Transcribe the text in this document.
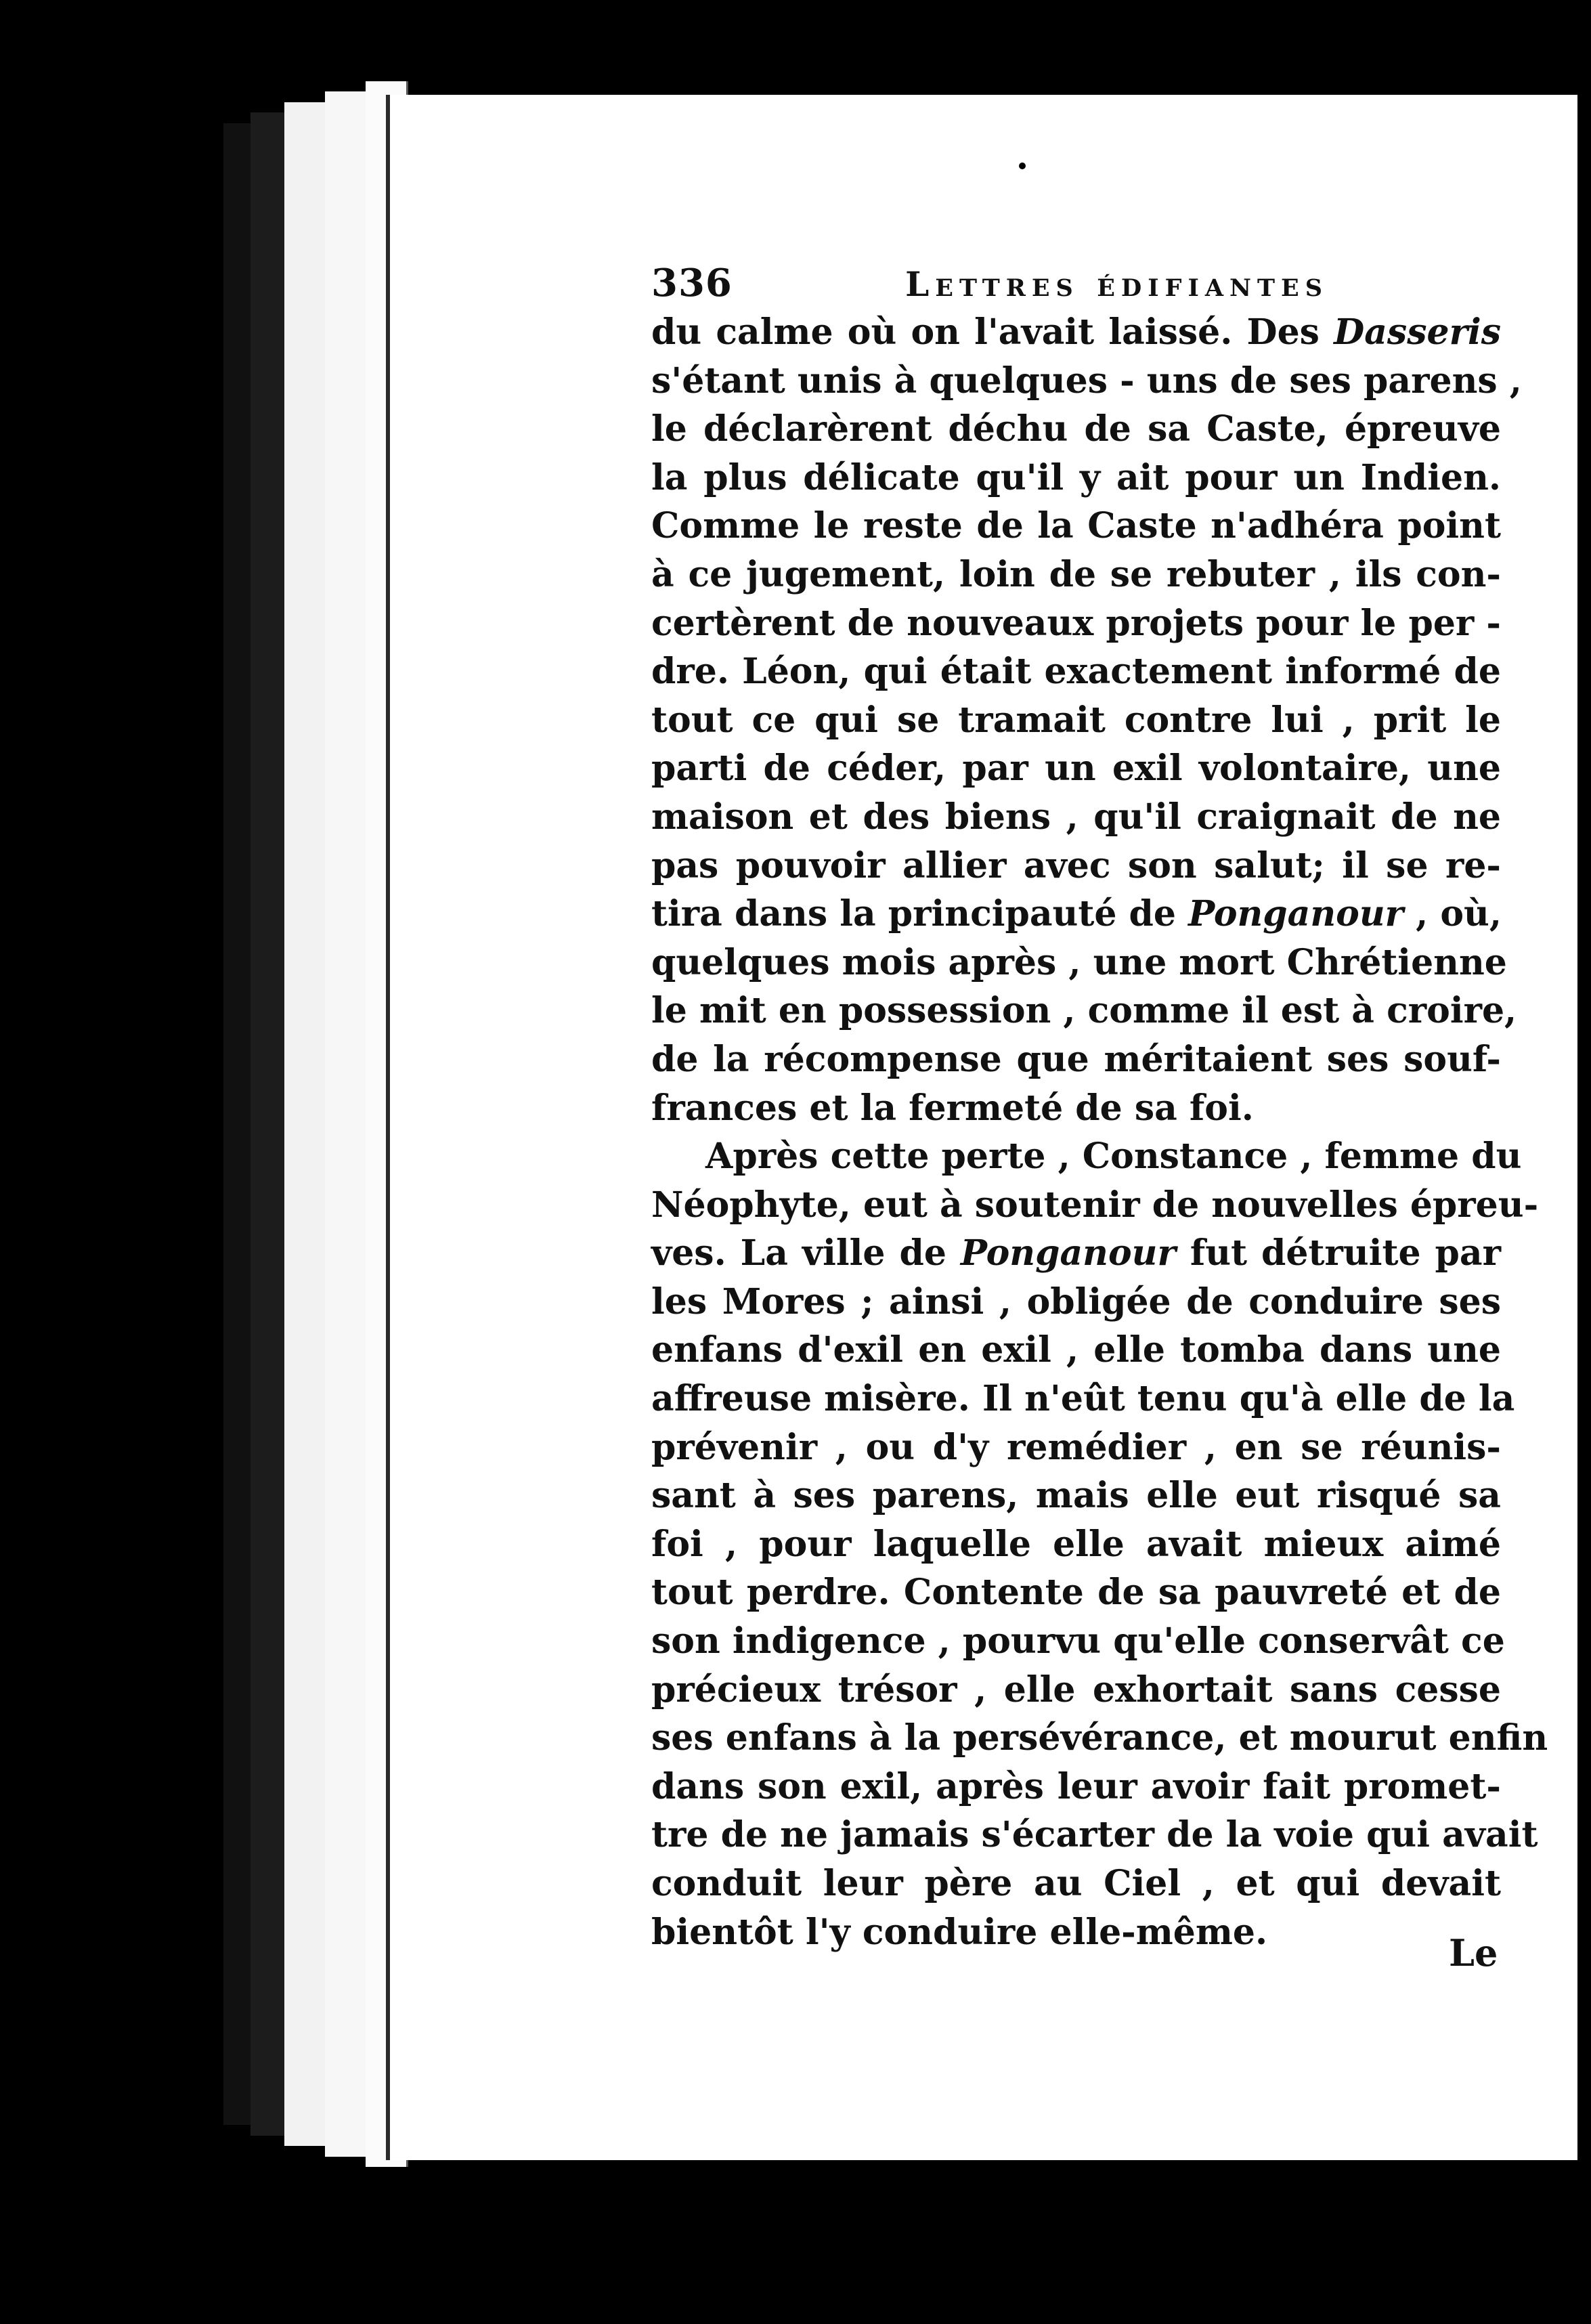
336	Lettres édifiantes
du calme où on l'avait laissé. Des Dasseris
s'étant unis à quelques - uns de ses parens ,
le déclarèrent déchu de sa Caste, épreuve
la plus délicate qu'il y ait pour un Indien.
Comme le reste de la Caste n'adhéra point
à ce jugement, loin de se rebuter , ils con-
certèrent de nouveaux projets pour le per -
dre. Léon, qui était exactement informé de
tout ce qui se tramait contre lui , prit le
parti de céder, par un exil volontaire, une
maison et des biens , qu'il craignait de ne
pas pouvoir allier avec son salut; il se re-
tira dans la principauté de Ponganour , où,
quelques mois après , une mort Chrétienne
le mit en possession , comme il est à croire,
de la récompense que méritaient ses souf-
frances et la fermeté de sa foi.
Après cette perte , Constance , femme du
Néophyte, eut à soutenir de nouvelles épreu-
ves. La ville de Ponganour fut détruite par
les Mores ; ainsi , obligée de conduire ses
enfans d'exil en exil , elle tomba dans une
affreuse misère. Il n'eût tenu qu'à elle de la
prévenir , ou d'y remédier , en se réunis-
sant à ses parens, mais elle eut risqué sa
foi , pour laquelle elle avait mieux aimé
tout perdre. Contente de sa pauvreté et de
son indigence , pourvu qu'elle conservât ce
précieux trésor , elle exhortait sans cesse
ses enfans à la persévérance, et mourut enfin
dans son exil, après leur avoir fait promet-
tre de ne jamais s'écarter de la voie qui avait
conduit leur père au Ciel , et qui devait
bientôt l'y conduire elle-même.	Le
